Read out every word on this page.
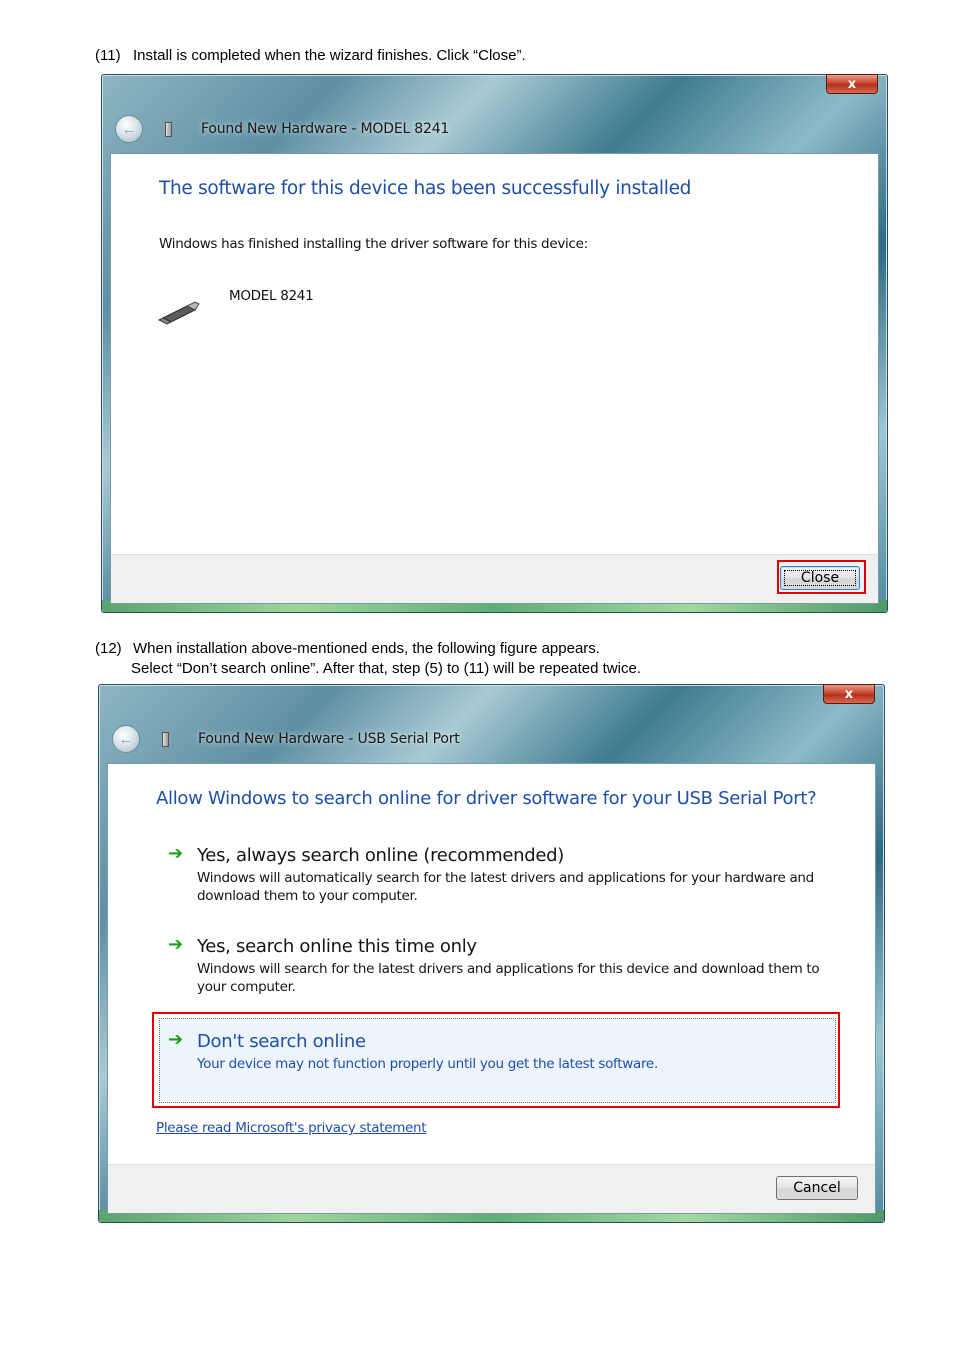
(11) Install is completed when the wizard finishes. Click “Close”.
x
←	Found New Hardware - MODEL 8241
The software for this device has been successfully installed
Windows has finished installing the driver software for this device:
MODEL 8241
Close
(12) When installation above-mentioned ends, the following figure appears.
Select “Don’t search online”. After that, step (5) to (11) will be repeated twice.
x
←	Found New Hardware - USB Serial Port
Allow Windows to search online for driver software for your USB Serial Port?
➔ Yes, always search online (recommended)
Windows will automatically search for the latest drivers and applications for your hardware and download them to your computer.
➔ Yes, search online this time only
Windows will search for the latest drivers and applications for this device and download them to your computer.
➔ Don't search online
Your device may not function properly until you get the latest software.
Please read Microsoft's privacy statement
Cancel
